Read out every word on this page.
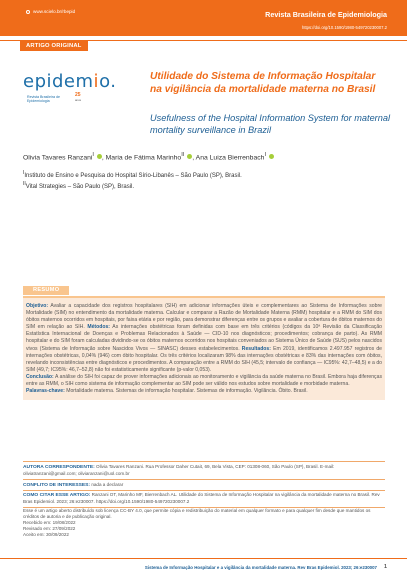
www.scielo.br/rbepid	Revista Brasileira de Epidemiologia
https://doi.org/10.1590/1980-549720230007.2
ARTIGO ORIGINAL
epidemio.
Revista Brasileira de Epidemiologia
25
anos
Utilidade do Sistema de Informação Hospitalar na vigilância da mortalidade materna no Brasil
Usefulness of the Hospital Information System for maternal mortality surveillance in Brazil
Olivia Tavares Ranzani$^I$ , Maria de Fátima Marinho$^{II}$ , Ana Luiza Bierrenbach$^I$
$^I$Instituto de Ensino e Pesquisa do Hospital Sírio-Libanês – São Paulo (SP), Brasil.
$^{II}$Vital Strategies – São Paulo (SP), Brasil.
RESUMO
Objetivo: Avaliar a capacidade dos registros hospitalares (SIH) em adicionar informações úteis e complementares ao Sistema de Informações sobre Mortalidade (SIM) no entendimento da mortalidade materna. Calcular e comparar a Razão de Mortalidade Materna (RMM) hospitalar e a RMM do SIM dos óbitos maternos ocorridos em hospitais, por faixa etária e por região, para demonstrar diferenças entre os grupos e avaliar a cobertura de óbitos maternos do SIM em relação ao SIH. Métodos: As internações obstétricas foram definidas com base em três critérios (códigos da 10ª Revisão da Classificação Estatística Internacional de Doenças e Problemas Relacionados à Saúde — CID-10 nos diagnósticos; procedimentos; cobrança de parto). As RMM hospitalar e do SIM foram calculadas dividindo-se os óbitos maternos ocorridos nos hospitais conveniados ao Sistema Único de Saúde (SUS) pelos nascidos vivos (Sistema de Informação sobre Nascidos Vivos — SINASC) desses estabelecimentos. Resultados: Em 2019, identificamos 2.497.957 registros de internações obstétricas, 0,04% (946) com óbito hospitalar. Os três critérios localizaram 98% das internações obstétricas e 83% das internações com óbitos, revelando inconsistências entre diagnósticos e procedimentos. A comparação entre a RMM do SIH (45,5; intervalo de confiança — IC95%: 42,7–48,5) e a do SIM (49,7; IC95%: 46,7–52,8) não foi estatisticamente significante (p-valor 0,053).
Conclusão: A análise do SIH foi capaz de prover informações adicionais ao monitoramento e vigilância da saúde materna no Brasil. Embora haja diferenças entre as RMM, o SIH como sistema de informação complementar ao SIM pode ser válido nos estudos sobre mortalidade e morbidade materna.
Palavras-chave: Mortalidade materna. Sistemas de informação hospitalar. Sistemas de informação. Vigilância. Óbito. Brasil.
AUTORA CORRESPONDENTE: Olivia Tavares Ranzani. Rua Professor Daher Cutait, 69, Bela Vista, CEP: 01308-060, São Paulo (SP), Brasil. E-mail: oliviatranzani@gmail.com; oliviaranzani@uol.com.br
CONFLITO DE INTERESSES: nada a declarar
COMO CITAR ESSE ARTIGO: Ranzani OT, Marinho MF, Bierrenbach AL. Utilidade do Sistema de Informação Hospitalar na vigilância da mortalidade materna no Brasil. Rev Bras Epidemiol. 2023; 26:e230007. https://doi.org/10.1590/1980-549720230007.2
Esse é um artigo aberto distribuído sob licença CC-BY 4.0, que permite cópia e redistribuição do material em qualquer formato e para qualquer fim desde que mantidos os créditos de autoria e de publicação original.
Recebido em: 19/08/2022
Revisado em: 27/09/2022
Aceito em: 30/09/2022
Sistema de Informação Hospitalar e a vigilância da mortalidade materna. Rev Bras Epidemiol. 2023; 26:e230007 1
